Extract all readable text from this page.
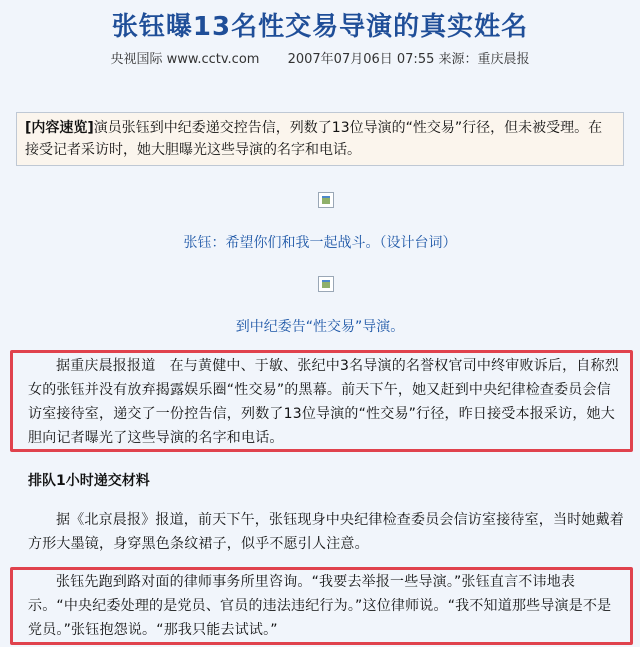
张钰曝13名性交易导演的真实姓名
央视国际 www.cctv.com 2007年07月06日 07:55 来源：重庆晨报
[内容速览]演员张钰到中纪委递交控告信，列数了13位导演的“性交易”行径，但未被受理。在接受记者采访时，她大胆曝光这些导演的名字和电话。
张钰：希望你们和我一起战斗。（设计台词）
到中纪委告“性交易”导演。
据重庆晨报报道　在与黄健中、于敏、张纪中3名导演的名誉权官司中终审败诉后，自称烈女的张钰并没有放弃揭露娱乐圈“性交易”的黑幕。前天下午，她又赶到中央纪律检查委员会信访室接待室，递交了一份控告信，列数了13位导演的“性交易”行径，昨日接受本报采访，她大胆向记者曝光了这些导演的名字和电话。
排队1小时递交材料
据《北京晨报》报道，前天下午，张钰现身中央纪律检查委员会信访室接待室，当时她戴着方形大墨镜，身穿黑色条纹裙子，似乎不愿引人注意。
张钰先跑到路对面的律师事务所里咨询。“我要去举报一些导演。”张钰直言不讳地表示。“中央纪委处理的是党员、官员的违法违纪行为。”这位律师说。“我不知道那些导演是不是党员。”张钰抱怨说。“那我只能去试试。”
